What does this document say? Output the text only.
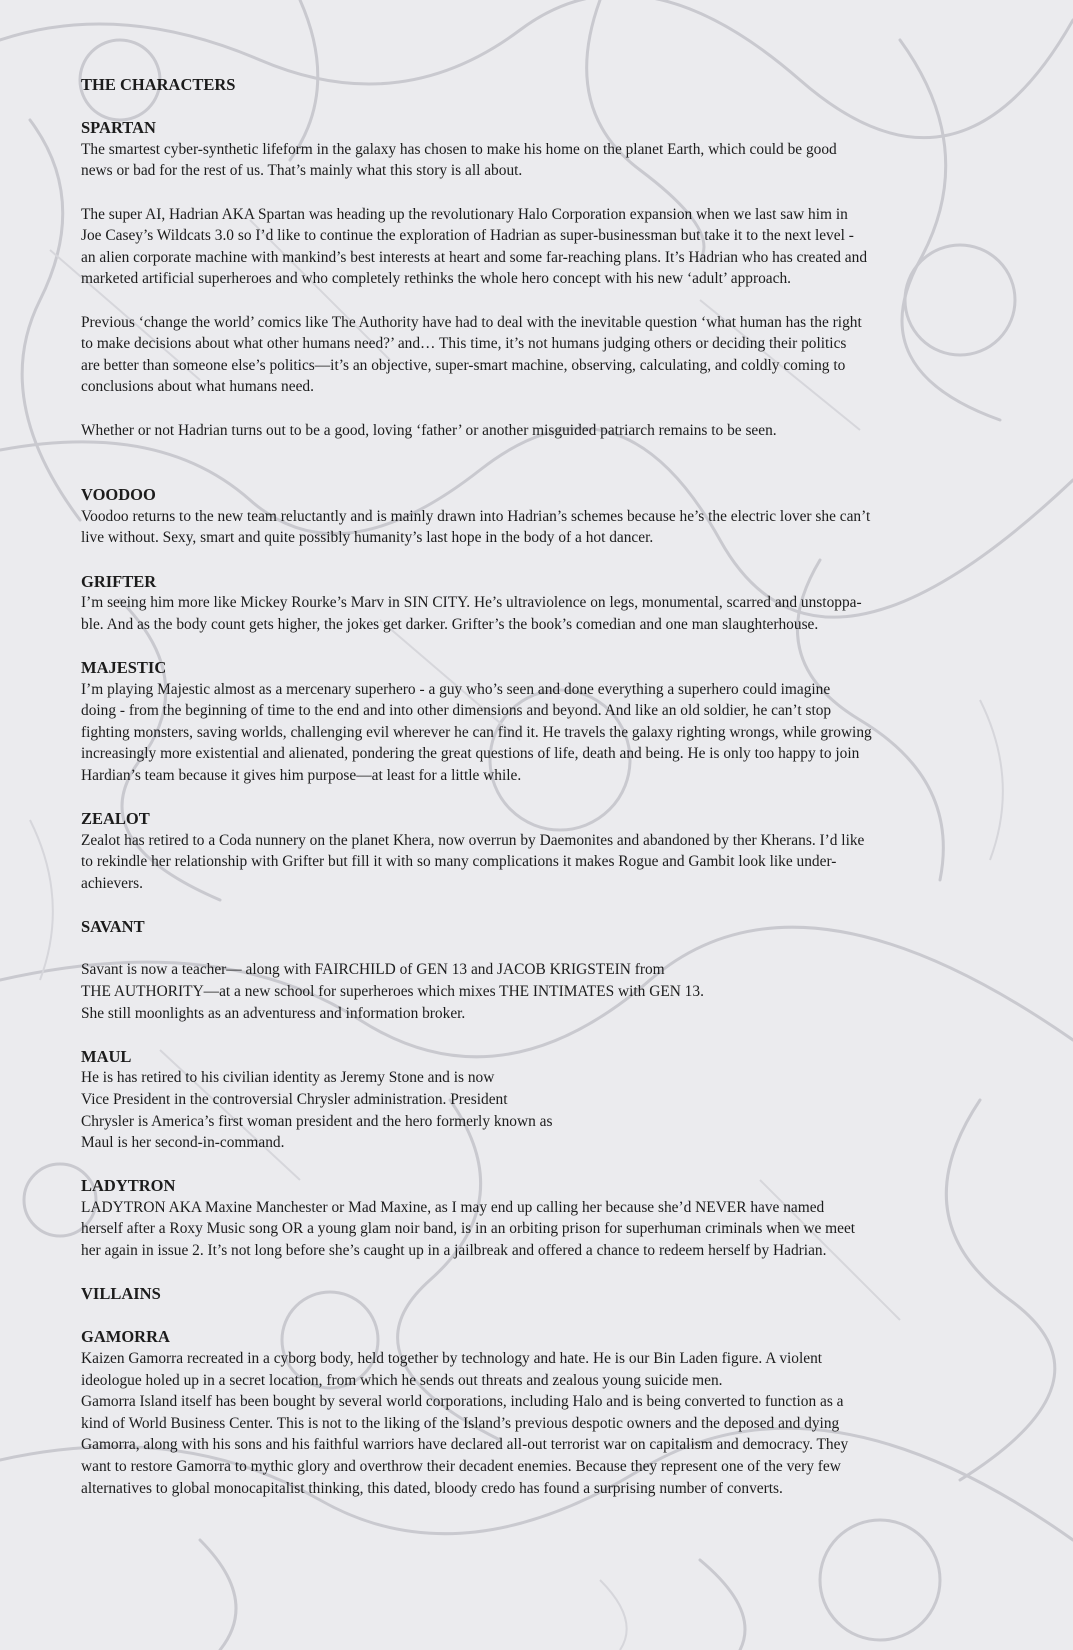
THE CHARACTERS
SPARTAN

The smartest cyber-synthetic lifeform in the galaxy has chosen to make his home on the planet Earth, which could be good
news or bad for the rest of us. That’s mainly what this story is all about.

The super AI, Hadrian AKA Spartan was heading up the revolutionary Halo Corporation expansion when we last saw him in
Joe Casey’s Wildcats 3.0 so I’d like to continue the exploration of Hadrian as super-businessman but take it to the next level -
an alien corporate machine with mankind’s best interests at heart and some far-reaching plans. It’s Hadrian who has created and
marketed artificial superheroes and who completely rethinks the whole hero concept with his new ‘adult’ approach.

Previous ‘change the world’ comics like The Authority have had to deal with the inevitable question ‘what human has the right
to make decisions about what other humans need?’ and… This time, it’s not humans judging others or deciding their politics
are better than someone else’s politics—it’s an objective, super-smart machine, observing, calculating, and coldly coming to
conclusions about what humans need.

Whether or not Hadrian turns out to be a good, loving ‘father’ or another misguided patriarch remains to be seen.

VOODOO

Voodoo returns to the new team reluctantly and is mainly drawn into Hadrian’s schemes because he’s the electric lover she can’t
live without. Sexy, smart and quite possibly humanity’s last hope in the body of a hot dancer.

GRIFTER

I’m seeing him more like Mickey Rourke’s Marv in SIN CITY. He’s ultraviolence on legs, monumental, scarred and unstoppa-
ble. And as the body count gets higher, the jokes get darker. Grifter’s the book’s comedian and one man slaughterhouse.

MAJESTIC

I’m playing Majestic almost as a mercenary superhero - a guy who’s seen and done everything a superhero could imagine
doing - from the beginning of time to the end and into other dimensions and beyond. And like an old soldier, he can’t stop
fighting monsters, saving worlds, challenging evil wherever he can find it. He travels the galaxy righting wrongs, while growing
increasingly more existential and alienated, pondering the great questions of life, death and being. He is only too happy to join
Hardian’s team because it gives him purpose—at least for a little while.

ZEALOT

Zealot has retired to a Coda nunnery on the planet Khera, now overrun by Daemonites and abandoned by ther Kherans. I’d like
to rekindle her relationship with Grifter but fill it with so many complications it makes Rogue and Gambit look like under-
achievers.

SAVANT

Savant is now a teacher— along with FAIRCHILD of GEN 13 and JACOB KRIGSTEIN from
THE AUTHORITY—at a new school for superheroes which mixes THE INTIMATES with GEN 13.
She still moonlights as an adventuress and information broker.

MAUL

He is has retired to his civilian identity as Jeremy Stone and is now
Vice President in the controversial Chrysler administration. President
Chrysler is America’s first woman president and the hero formerly known as
Maul is her second-in-command.

LADYTRON

LADYTRON AKA Maxine Manchester or Mad Maxine, as I may end up calling her because she’d NEVER have named
herself after a Roxy Music song OR a young glam noir band, is in an orbiting prison for superhuman criminals when we meet
her again in issue 2. It’s not long before she’s caught up in a jailbreak and offered a chance to redeem herself by Hadrian.

VILLAINS
GAMORRA

Kaizen Gamorra recreated in a cyborg body, held together by technology and hate. He is our Bin Laden figure. A violent
ideologue holed up in a secret location, from which he sends out threats and zealous young suicide men.
Gamorra Island itself has been bought by several world corporations, including Halo and is being converted to function as a
kind of World Business Center. This is not to the liking of the Island’s previous despotic owners and the deposed and dying
Gamorra, along with his sons and his faithful warriors have declared all-out terrorist war on capitalism and democracy. They
want to restore Gamorra to mythic glory and overthrow their decadent enemies. Because they represent one of the very few
alternatives to global monocapitalist thinking, this dated, bloody credo has found a surprising number of converts.
